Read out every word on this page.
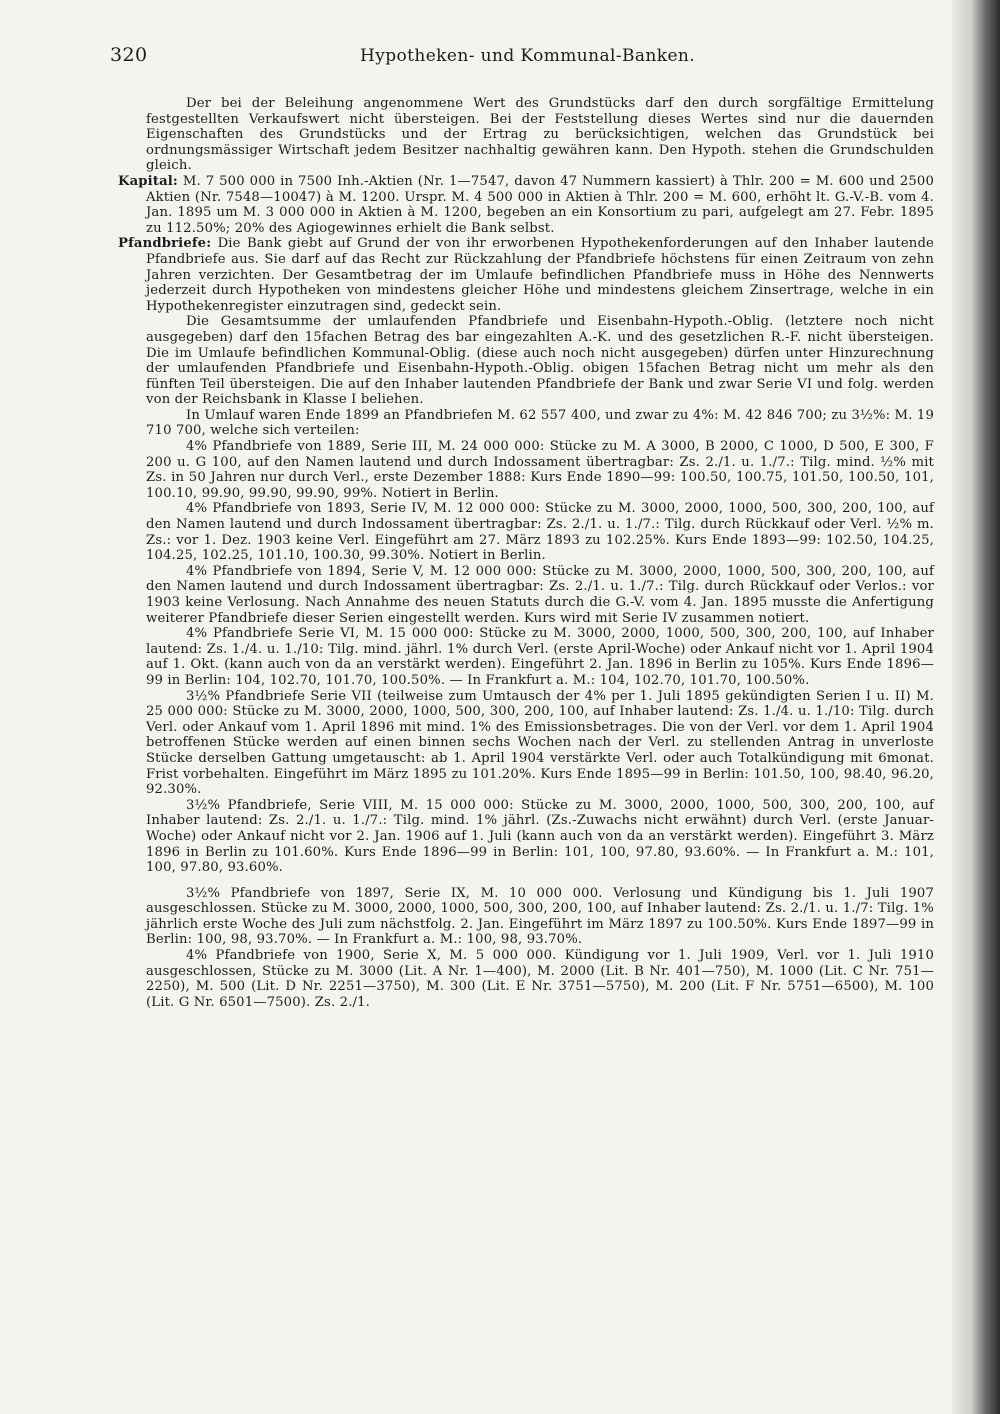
320	Hypotheken- und Kommunal-Banken.

Der bei der Beleihung angenommene Wert des Grundstücks darf den durch sorgfältige Ermittelung festgestellten Verkaufswert nicht übersteigen. Bei der Feststellung dieses Wertes sind nur die dauernden Eigenschaften des Grundstücks und der Ertrag zu berücksichtigen, welchen das Grundstück bei ordnungsmässiger Wirtschaft jedem Besitzer nachhaltig gewähren kann. Den Hypoth. stehen die Grundschulden gleich.

Kapital: M. 7 500 000 in 7500 Inh.-Aktien (Nr. 1—7547, davon 47 Nummern kassiert) à Thlr. 200 = M. 600 und 2500 Aktien (Nr. 7548—10047) à M. 1200. Urspr. M. 4 500 000 in Aktien à Thlr. 200 = M. 600, erhöht lt. G.-V.-B. vom 4. Jan. 1895 um M. 3 000 000 in Aktien à M. 1200, begeben an ein Konsortium zu pari, aufgelegt am 27. Febr. 1895 zu 112.50%; 20% des Agiogewinnes erhielt die Bank selbst.

Pfandbriefe: Die Bank giebt auf Grund der von ihr erworbenen Hypothekenforderungen auf den Inhaber lautende Pfandbriefe aus. Sie darf auf das Recht zur Rückzahlung der Pfandbriefe höchstens für einen Zeitraum von zehn Jahren verzichten. Der Gesamtbetrag der im Umlaufe befindlichen Pfandbriefe muss in Höhe des Nennwerts jederzeit durch Hypotheken von mindestens gleicher Höhe und mindestens gleichem Zinsertrage, welche in ein Hypothekenregister einzutragen sind, gedeckt sein.

Die Gesamtsumme der umlaufenden Pfandbriefe und Eisenbahn-Hypoth.-Oblig. (letztere noch nicht ausgegeben) darf den 15fachen Betrag des bar eingezahlten A.-K. und des gesetzlichen R.-F. nicht übersteigen. Die im Umlaufe befindlichen Kommunal-Oblig. (diese auch noch nicht ausgegeben) dürfen unter Hinzurechnung der umlaufenden Pfandbriefe und Eisenbahn-Hypoth.-Oblig. obigen 15fachen Betrag nicht um mehr als den fünften Teil übersteigen. Die auf den Inhaber lautenden Pfandbriefe der Bank und zwar Serie VI und folg. werden von der Reichsbank in Klasse I beliehen.

In Umlauf waren Ende 1899 an Pfandbriefen M. 62 557 400, und zwar zu 4%: M. 42 846 700; zu 3½%: M. 19 710 700, welche sich verteilen:

4% Pfandbriefe von 1889, Serie III, M. 24 000 000: Stücke zu M. A 3000, B 2000, C 1000, D 500, E 300, F 200 u. G 100, auf den Namen lautend und durch Indossament übertragbar: Zs. 2./1. u. 1./7.: Tilg. mind. ½% mit Zs. in 50 Jahren nur durch Verl., erste Dezember 1888: Kurs Ende 1890—99: 100.50, 100.75, 101.50, 100.50, 101, 100.10, 99.90, 99.90, 99.90, 99%. Notiert in Berlin.

4% Pfandbriefe von 1893, Serie IV, M. 12 000 000: Stücke zu M. 3000, 2000, 1000, 500, 300, 200, 100, auf den Namen lautend und durch Indossament übertragbar: Zs. 2./1. u. 1./7.: Tilg. durch Rückkauf oder Verl. ½% m. Zs.: vor 1. Dez. 1903 keine Verl. Eingeführt am 27. März 1893 zu 102.25%. Kurs Ende 1893—99: 102.50, 104.25, 104.25, 102.25, 101.10, 100.30, 99.30%. Notiert in Berlin.

4% Pfandbriefe von 1894, Serie V, M. 12 000 000: Stücke zu M. 3000, 2000, 1000, 500, 300, 200, 100, auf den Namen lautend und durch Indossament übertragbar: Zs. 2./1. u. 1./7.: Tilg. durch Rückkauf oder Verlos.: vor 1903 keine Verlosung. Nach Annahme des neuen Statuts durch die G.-V. vom 4. Jan. 1895 musste die Anfertigung weiterer Pfandbriefe dieser Serien eingestellt werden. Kurs wird mit Serie IV zusammen notiert.

4% Pfandbriefe Serie VI, M. 15 000 000: Stücke zu M. 3000, 2000, 1000, 500, 300, 200, 100, auf Inhaber lautend: Zs. 1./4. u. 1./10: Tilg. mind. jährl. 1% durch Verl. (erste April-Woche) oder Ankauf nicht vor 1. April 1904 auf 1. Okt. (kann auch von da an verstärkt werden). Eingeführt 2. Jan. 1896 in Berlin zu 105%. Kurs Ende 1896—99 in Berlin: 104, 102.70, 101.70, 100.50%. — In Frankfurt a. M.: 104, 102.70, 101.70, 100.50%.

3½% Pfandbriefe Serie VII (teilweise zum Umtausch der 4% per 1. Juli 1895 gekündigten Serien I u. II) M. 25 000 000: Stücke zu M. 3000, 2000, 1000, 500, 300, 200, 100, auf Inhaber lautend: Zs. 1./4. u. 1./10: Tilg. durch Verl. oder Ankauf vom 1. April 1896 mit mind. 1% des Emissionsbetrages. Die von der Verl. vor dem 1. April 1904 betroffenen Stücke werden auf einen binnen sechs Wochen nach der Verl. zu stellenden Antrag in unverloste Stücke derselben Gattung umgetauscht: ab 1. April 1904 verstärkte Verl. oder auch Totalkündigung mit 6monat. Frist vorbehalten. Eingeführt im März 1895 zu 101.20%. Kurs Ende 1895—99 in Berlin: 101.50, 100, 98.40, 96.20, 92.30%.

3½% Pfandbriefe, Serie VIII, M. 15 000 000: Stücke zu M. 3000, 2000, 1000, 500, 300, 200, 100, auf Inhaber lautend: Zs. 2./1. u. 1./7.: Tilg. mind. 1% jährl. (Zs.-Zuwachs nicht erwähnt) durch Verl. (erste Januar-Woche) oder Ankauf nicht vor 2. Jan. 1906 auf 1. Juli (kann auch von da an verstärkt werden). Eingeführt 3. März 1896 in Berlin zu 101.60%. Kurs Ende 1896—99 in Berlin: 101, 100, 97.80, 93.60%. — In Frankfurt a. M.: 101, 100, 97.80, 93.60%.

3½% Pfandbriefe von 1897, Serie IX, M. 10 000 000. Verlosung und Kündigung bis 1. Juli 1907 ausgeschlossen. Stücke zu M. 3000, 2000, 1000, 500, 300, 200, 100, auf Inhaber lautend: Zs. 2./1. u. 1./7: Tilg. 1% jährlich erste Woche des Juli zum nächstfolg. 2. Jan. Eingeführt im März 1897 zu 100.50%. Kurs Ende 1897—99 in Berlin: 100, 98, 93.70%. — In Frankfurt a. M.: 100, 98, 93.70%.

4% Pfandbriefe von 1900, Serie X, M. 5 000 000. Kündigung vor 1. Juli 1909, Verl. vor 1. Juli 1910 ausgeschlossen, Stücke zu M. 3000 (Lit. A Nr. 1—400), M. 2000 (Lit. B Nr. 401—750), M. 1000 (Lit. C Nr. 751—2250), M. 500 (Lit. D Nr. 2251—3750), M. 300 (Lit. E Nr. 3751—5750), M. 200 (Lit. F Nr. 5751—6500), M. 100 (Lit. G Nr. 6501—7500). Zs. 2./1.
